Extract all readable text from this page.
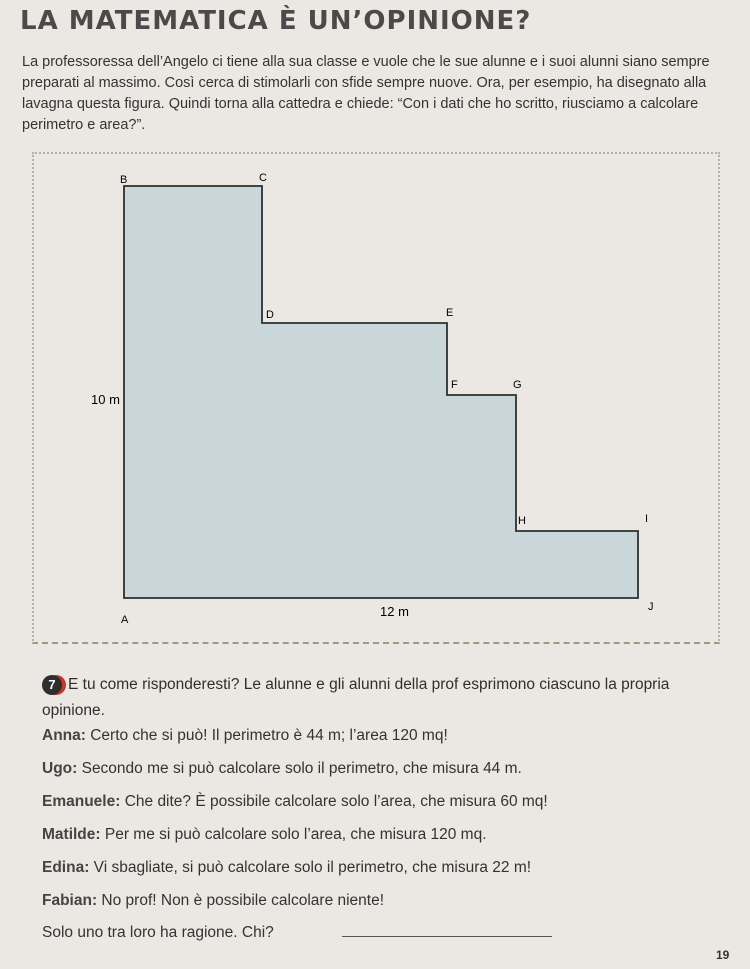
LA MATEMATICA È UN’OPINIONE?
La professoressa dell’Angelo ci tiene alla sua classe e vuole che le sue alunne e i suoi alunni siano sempre preparati al massimo. Così cerca di stimolarli con sfide sempre nuove. Ora, per esempio, ha disegnato alla lavagna questa figura. Quindi torna alla cattedra e chiede: “Con i dati che ho scritto, riusciamo a calcolare perimetro e area?”.
B
A
C
D	E
F	G
H	I
J
10 m
12 m
7 E tu come risponderesti? Le alunne e gli alunni della prof esprimono ciascuno la propria opinione.
Anna: Certo che si può! Il perimetro è 44 m; l’area 120 mq!
Ugo: Secondo me si può calcolare solo il perimetro, che misura 44 m.
Emanuele: Che dite? È possibile calcolare solo l’area, che misura 60 mq!
Matilde: Per me si può calcolare solo l’area, che misura 120 mq.
Edina: Vi sbagliate, si può calcolare solo il perimetro, che misura 22 m!
Fabian: No prof! Non è possibile calcolare niente!
Solo uno tra loro ha ragione. Chi?
19
